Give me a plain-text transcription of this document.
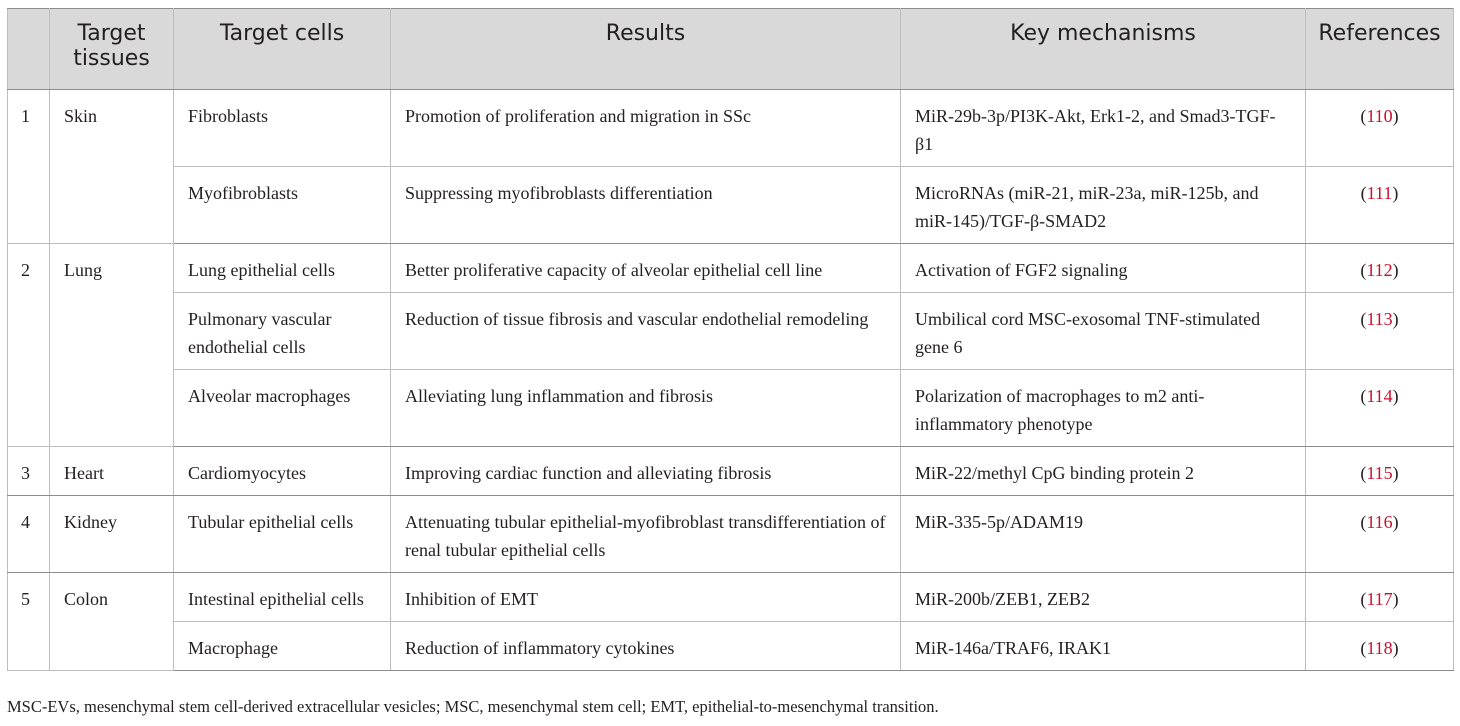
	Target tissues	Target cells	Results	Key mechanisms	References

1	Skin	Fibroblasts	Promotion of proliferation and migration in SSc	MiR-29b-3p/PI3K-Akt, Erk1-2, and Smad3-TGF-β1	(110)
		Myofibroblasts	Suppressing myofibroblasts differentiation	MicroRNAs (miR-21, miR-23a, miR-125b, and miR-145)/TGF-β-SMAD2	(111)
2	Lung	Lung epithelial cells	Better proliferative capacity of alveolar epithelial cell line	Activation of FGF2 signaling	(112)
		Pulmonary vascular endothelial cells	Reduction of tissue fibrosis and vascular endothelial remodeling	Umbilical cord MSC-exosomal TNF-stimulated gene 6	(113)
		Alveolar macrophages	Alleviating lung inflammation and fibrosis	Polarization of macrophages to m2 anti-inflammatory phenotype	(114)
3	Heart	Cardiomyocytes	Improving cardiac function and alleviating fibrosis	MiR-22/methyl CpG binding protein 2	(115)
4	Kidney	Tubular epithelial cells	Attenuating tubular epithelial-myofibroblast transdifferentiation of renal tubular epithelial cells	MiR-335-5p/ADAM19	(116)
5	Colon	Intestinal epithelial cells	Inhibition of EMT	MiR-200b/ZEB1, ZEB2	(117)
		Macrophage	Reduction of inflammatory cytokines	MiR-146a/TRAF6, IRAK1	(118)
MSC-EVs, mesenchymal stem cell-derived extracellular vesicles; MSC, mesenchymal stem cell; EMT, epithelial-to-mesenchymal transition.
